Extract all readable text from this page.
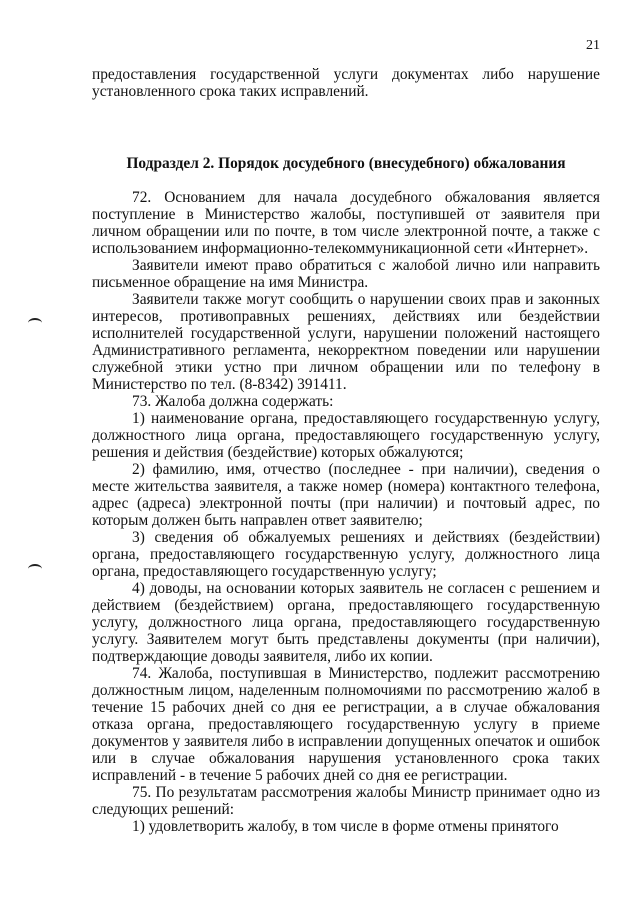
21

предоставления государственной услуги документах либо нарушение установленного срока таких исправлений.

Подраздел 2. Порядок досудебного (внесудебного) обжалования

72. Основанием для начала досудебного обжалования является поступление в Министерство жалобы, поступившей от заявителя при личном обращении или по почте, в том числе электронной почте, а также с использованием информационно-телекоммуникационной сети «Интернет».

Заявители имеют право обратиться с жалобой лично или направить письменное обращение на имя Министра.

Заявители также могут сообщить о нарушении своих прав и законных интересов, противоправных решениях, действиях или бездействии исполнителей государственной услуги, нарушении положений настоящего Административного регламента, некорректном поведении или нарушении служебной этики устно при личном обращении или по телефону в Министерство по тел. (8-8342) 391411.

73. Жалоба должна содержать:

1) наименование органа, предоставляющего государственную услугу, должностного лица органа, предоставляющего государственную услугу, решения и действия (бездействие) которых обжалуются;

2) фамилию, имя, отчество (последнее - при наличии), сведения о месте жительства заявителя, а также номер (номера) контактного телефона, адрес (адреса) электронной почты (при наличии) и почтовый адрес, по которым должен быть направлен ответ заявителю;

3) сведения об обжалуемых решениях и действиях (бездействии) органа, предоставляющего государственную услугу, должностного лица органа, предоставляющего государственную услугу;

4) доводы, на основании которых заявитель не согласен с решением и действием (бездействием) органа, предоставляющего государственную услугу, должностного лица органа, предоставляющего государственную услугу. Заявителем могут быть представлены документы (при наличии), подтверждающие доводы заявителя, либо их копии.

74. Жалоба, поступившая в Министерство, подлежит рассмотрению должностным лицом, наделенным полномочиями по рассмотрению жалоб в течение 15 рабочих дней со дня ее регистрации, а в случае обжалования отказа органа, предоставляющего государственную услугу в приеме документов у заявителя либо в исправлении допущенных опечаток и ошибок или в случае обжалования нарушения установленного срока таких исправлений - в течение 5 рабочих дней со дня ее регистрации.

75. По результатам рассмотрения жалобы Министр принимает одно из следующих решений:

1) удовлетворить жалобу, в том числе в форме отмены принятого
